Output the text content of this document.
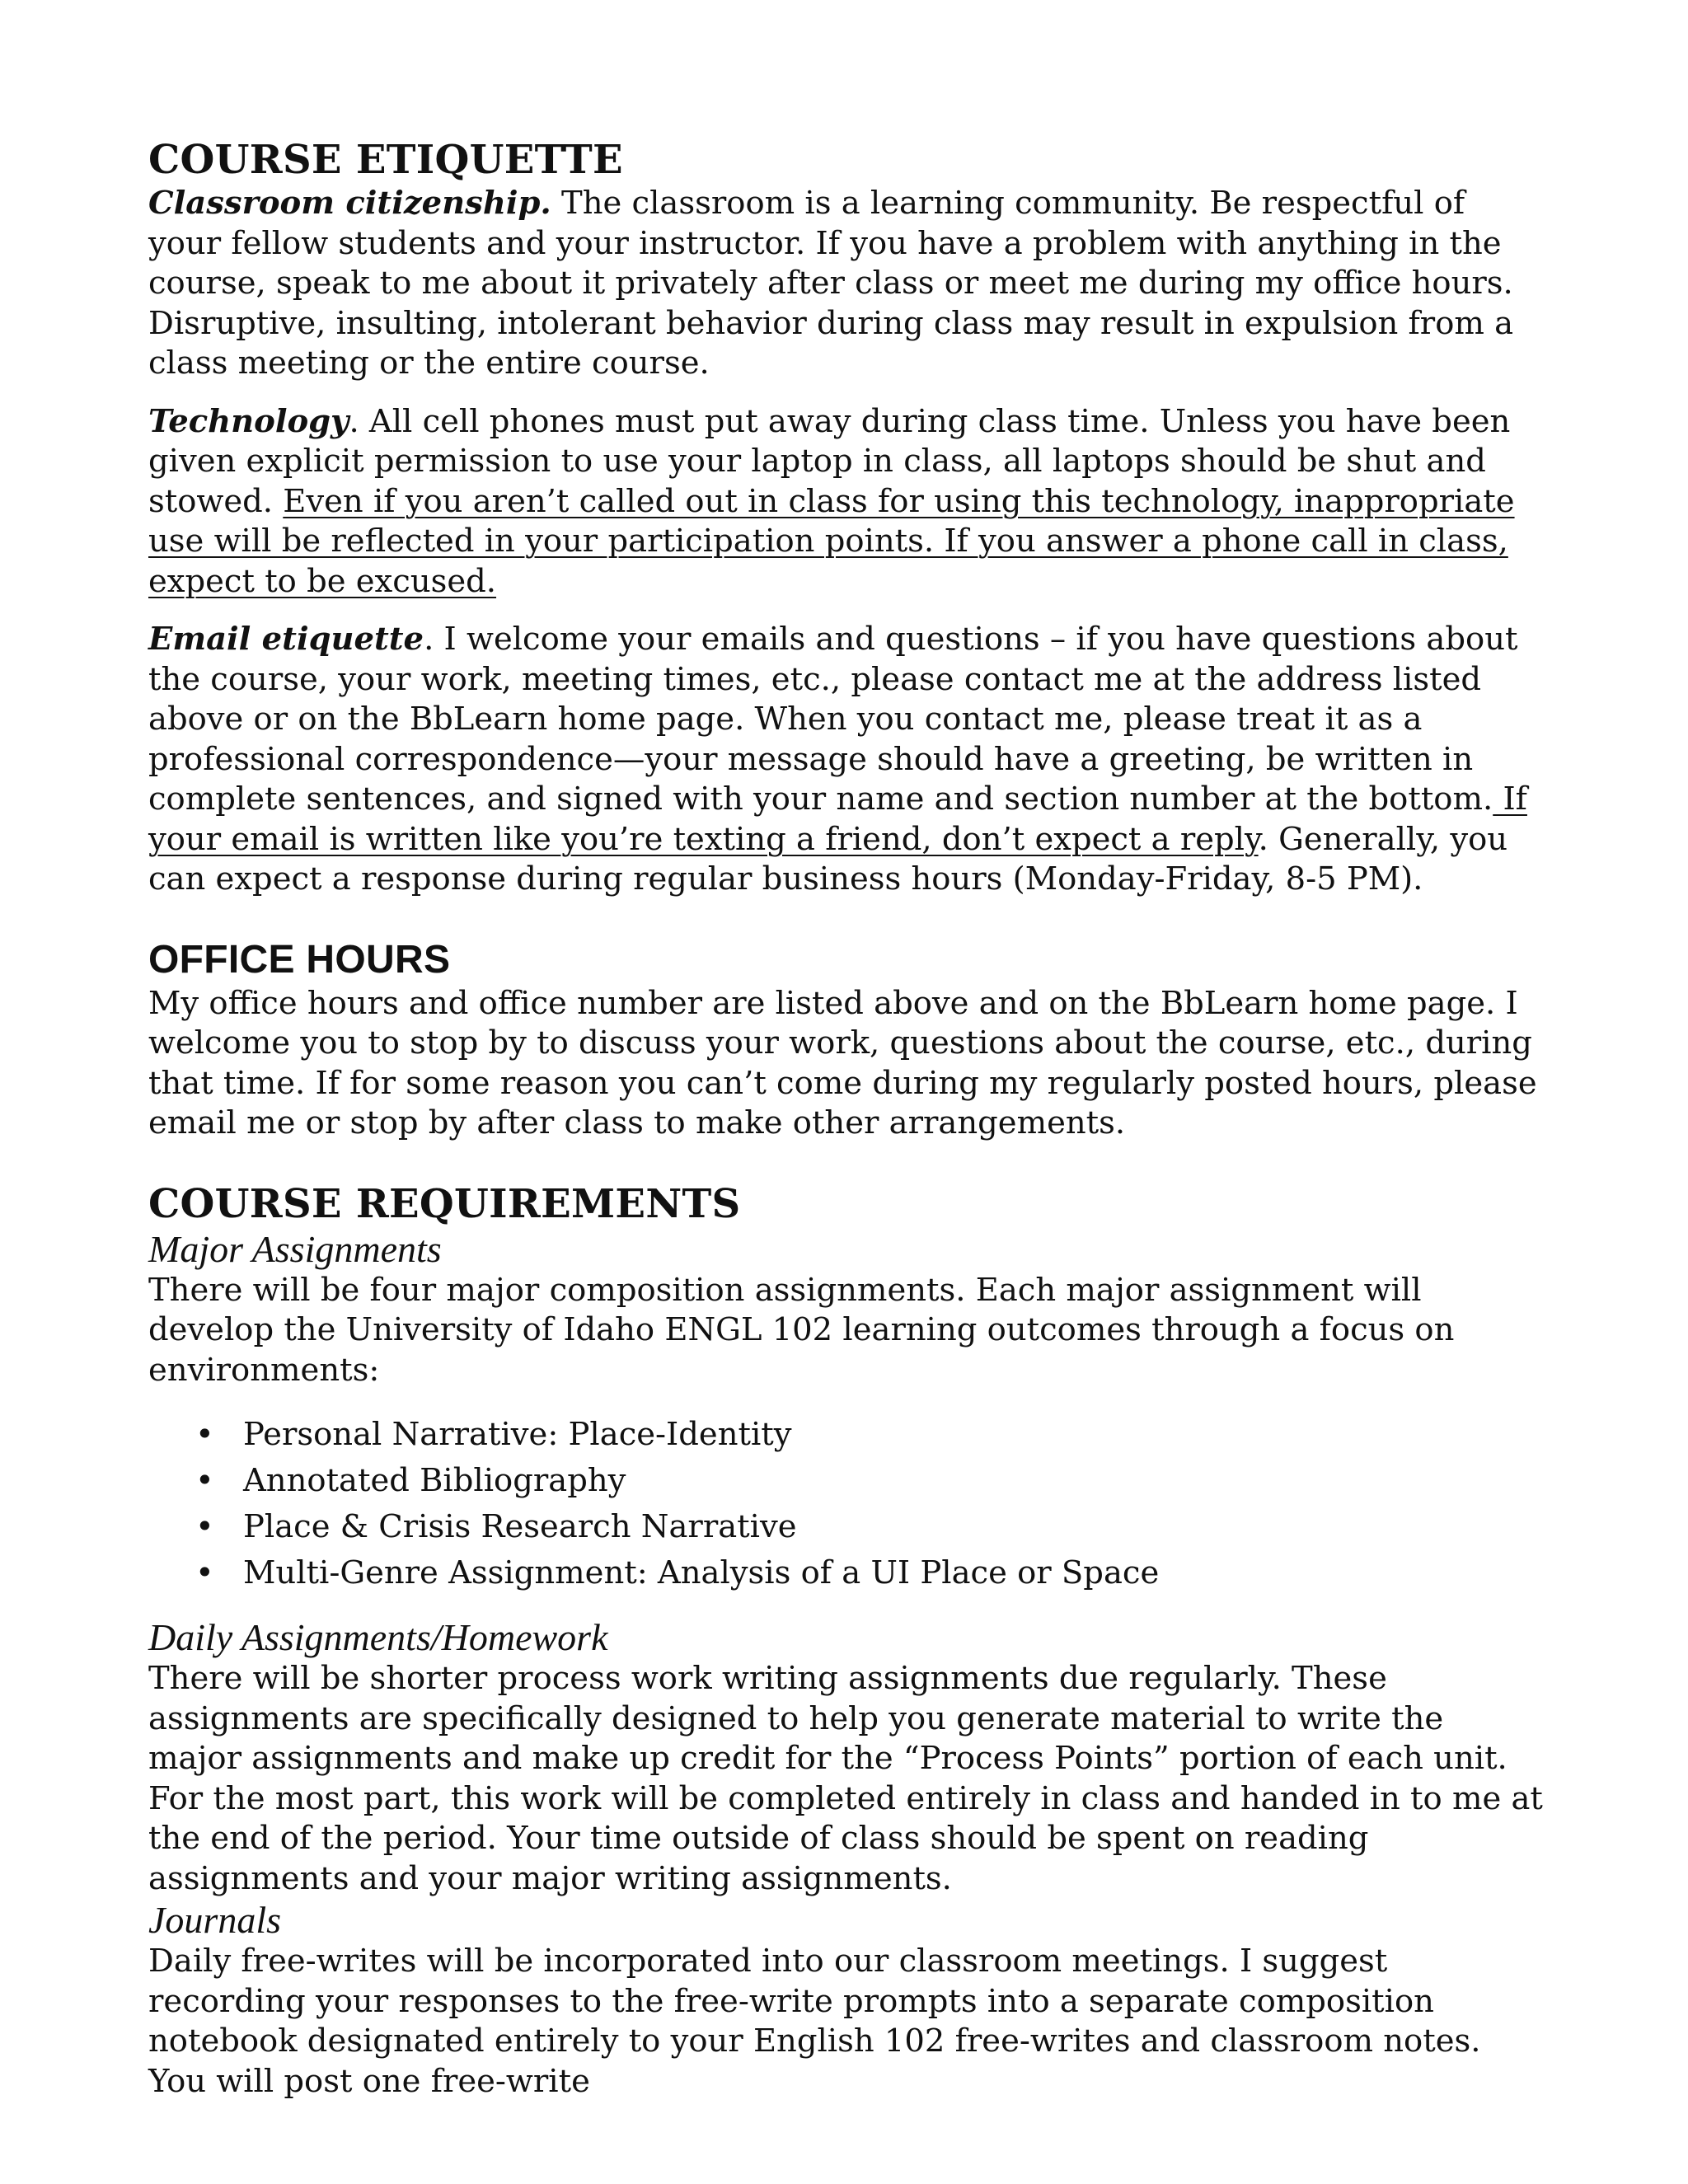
COURSE ETIQUETTE

Classroom citizenship. The classroom is a learning community. Be respectful of your fellow students and your instructor. If you have a problem with anything in the course, speak to me about it privately after class or meet me during my office hours. Disruptive, insulting, intolerant behavior during class may result in expulsion from a class meeting or the entire course.

Technology. All cell phones must put away during class time. Unless you have been given explicit permission to use your laptop in class, all laptops should be shut and stowed. Even if you aren’t called out in class for using this technology, inappropriate use will be reflected in your participation points. If you answer a phone call in class, expect to be excused.

Email etiquette. I welcome your emails and questions – if you have questions about the course, your work, meeting times, etc., please contact me at the address listed above or on the BbLearn home page. When you contact me, please treat it as a professional correspondence—your message should have a greeting, be written in complete sentences, and signed with your name and section number at the bottom. If your email is written like you’re texting a friend, don’t expect a reply. Generally, you can expect a response during regular business hours (Monday-Friday, 8-5 PM).

OFFICE HOURS

My office hours and office number are listed above and on the BbLearn home page. I welcome you to stop by to discuss your work, questions about the course, etc., during that time. If for some reason you can’t come during my regularly posted hours, please email me or stop by after class to make other arrangements.

COURSE REQUIREMENTS
Major Assignments

There will be four major composition assignments. Each major assignment will develop the University of Idaho ENGL 102 learning outcomes through a focus on environments:

• Personal Narrative: Place-Identity
• Annotated Bibliography
• Place & Crisis Research Narrative
• Multi-Genre Assignment: Analysis of a UI Place or Space
Daily Assignments/Homework

There will be shorter process work writing assignments due regularly. These assignments are specifically designed to help you generate material to write the major assignments and make up credit for the “Process Points” portion of each unit. For the most part, this work will be completed entirely in class and handed in to me at the end of the period. Your time outside of class should be spent on reading assignments and your major writing assignments.

Journals

Daily free-writes will be incorporated into our classroom meetings. I suggest recording your responses to the free-write prompts into a separate composition notebook designated entirely to your English 102 free-writes and classroom notes. You will post one free-write
